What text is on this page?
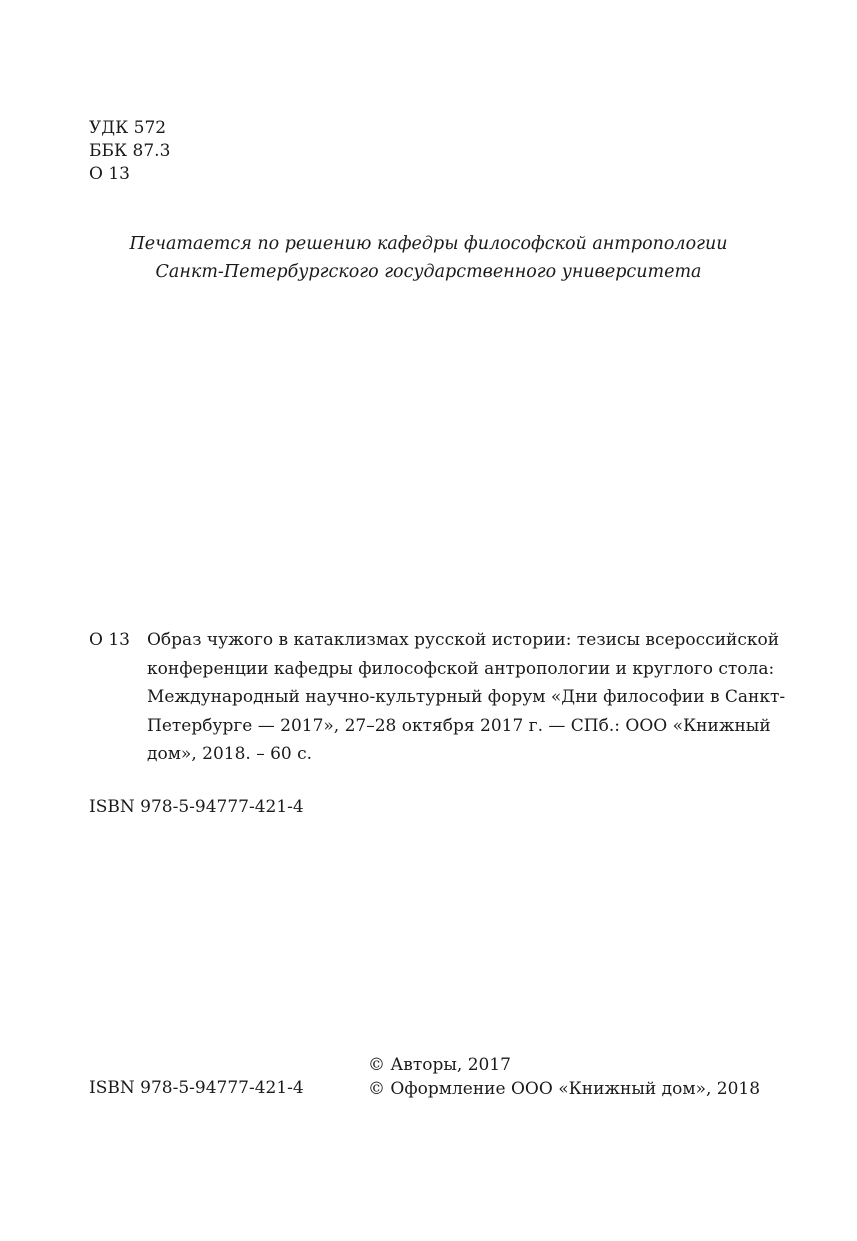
УДК 572
ББК 87.3
О 13
Печатается по решению кафедры философской антропологии
Санкт-Петербургского государственного университета
О 13 Образ чужого в катаклизмах русской истории: тезисы всероссийской
конференции кафедры философской антропологии и круглого стола:
Международный научно-культурный форум «Дни философии в Санкт-
Петербурге — 2017», 27–28 октября 2017 г. — СПб.: ООО «Книжный
дом», 2018. – 60 с.
ISBN 978-5-94777-421-4
© Авторы, 2017
© Оформление ООО «Книжный дом», 2018
ISBN 978-5-94777-421-4
